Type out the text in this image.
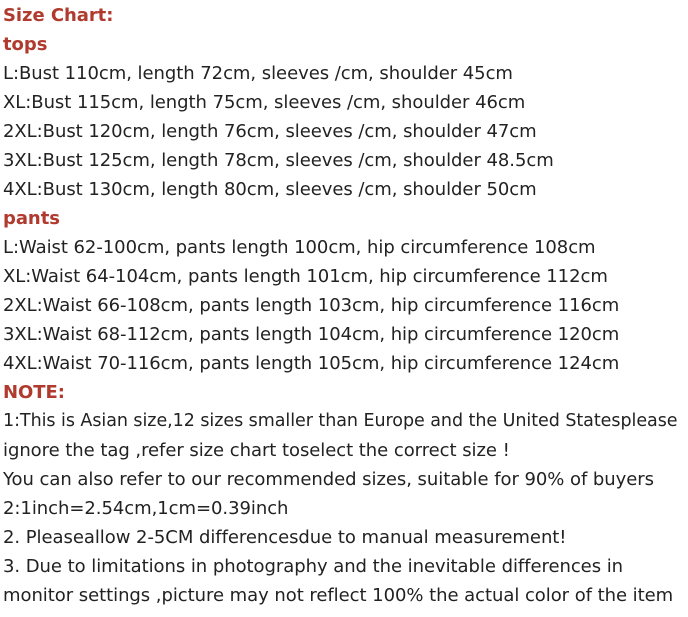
Size Chart:
tops
L:Bust 110cm, length 72cm, sleeves /cm, shoulder 45cm
XL:Bust 115cm, length 75cm, sleeves /cm, shoulder 46cm
2XL:Bust 120cm, length 76cm, sleeves /cm, shoulder 47cm
3XL:Bust 125cm, length 78cm, sleeves /cm, shoulder 48.5cm
4XL:Bust 130cm, length 80cm, sleeves /cm, shoulder 50cm
pants
L:Waist 62-100cm, pants length 100cm, hip circumference 108cm
XL:Waist 64-104cm, pants length 101cm, hip circumference 112cm
2XL:Waist 66-108cm, pants length 103cm, hip circumference 116cm
3XL:Waist 68-112cm, pants length 104cm, hip circumference 120cm
4XL:Waist 70-116cm, pants length 105cm, hip circumference 124cm
NOTE:
1:This is Asian size,12 sizes smaller than Europe and the United Statesplease
ignore the tag ,refer size chart toselect the correct size !
You can also refer to our recommended sizes, suitable for 90% of buyers
2:1inch=2.54cm,1cm=0.39inch
2. Pleaseallow 2-5CM differencesdue to manual measurement!
3. Due to limitations in photography and the inevitable differences in
monitor settings ,picture may not reflect 100% the actual color of the item
